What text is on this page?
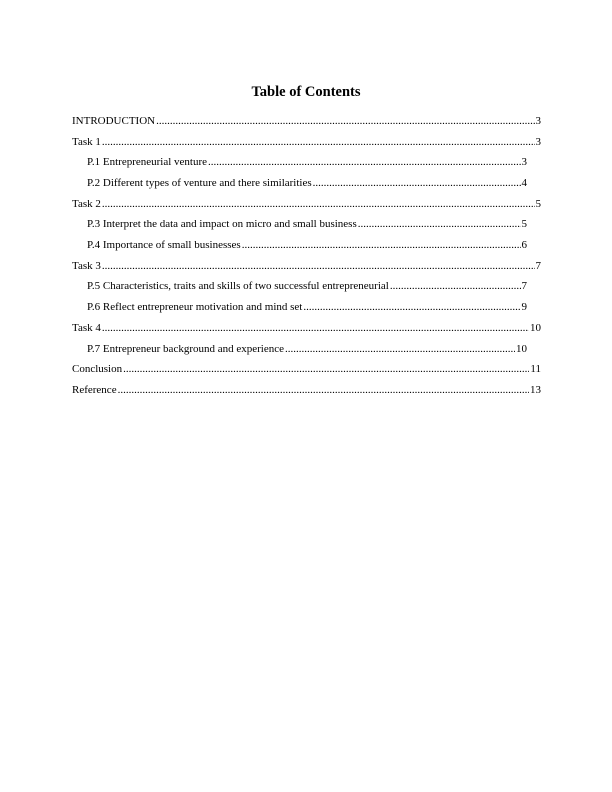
Table of Contents
INTRODUCTION .....	3
Task 1 .....	3
P.1 Entrepreneurial venture .....	3
P.2 Different types of venture and there similarities .....	4
Task 2 .....	5
P.3 Interpret the data and impact on micro and small business .....	5
P.4 Importance of small businesses .....	6
Task 3 .....	7
P.5 Characteristics, traits and skills of two successful entrepreneurial .....	7
P.6 Reflect entrepreneur motivation and mind set .....	9
Task 4 .....	10
P.7 Entrepreneur background and experience .....	10
Conclusion .....	11
Reference .....	13
